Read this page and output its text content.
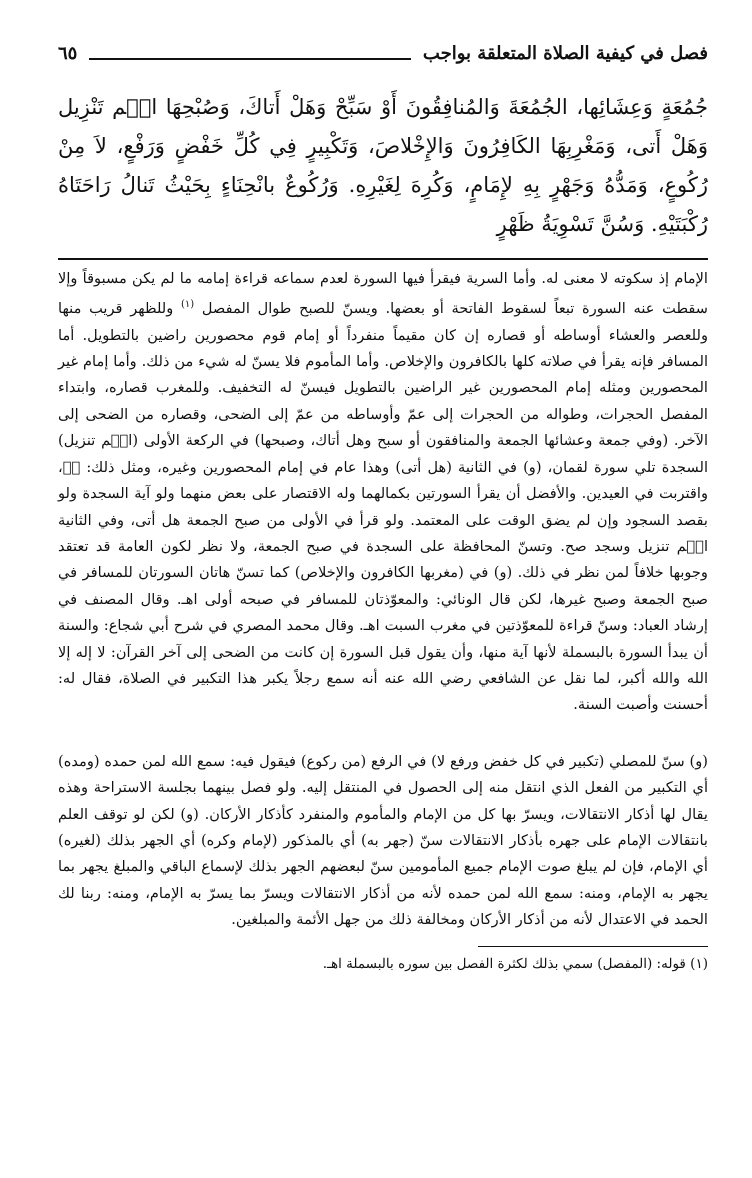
فصل في كيفية الصلاة المتعلقة بواجب
٦٥

جُمُعَةٍ وَعِشَائِها، الجُمُعَةَ وَالمُنافِقُونَ أَوْ سَبِّحْ وَهَلْ أَتاكَ، وَصُبْحِهَا الۤم تَنْزِيل وَهَلْ أَتى، وَمَغْرِبِهَا الكَافِرُونَ وَالإِخْلاصَ، وَتَكْبِيرٍ فِي كُلِّ خَفْضٍ وَرَفْعٍ، لاَ مِنْ رُكُوعٍ، وَمَدُّهُ وَجَهْرٍ بِهِ لإِمَامٍ، وَكُرِهَ لِغَيْرِهِ. وَرُكُوعٌ بانْحِنَاءٍ بِحَيْثُ تَنالُ رَاحَتَاهُ رُكْبَتَيْهِ. وَسُنَّ تَسْوِيَةُ ظَهْرٍ

الإمام إذ سكوته لا معنى له. وأما السرية فيقرأ فيها السورة لعدم سماعه قراءة إمامه ما لم يكن مسبوقاً وإلا سقطت عنه السورة تبعاً لسقوط الفاتحة أو بعضها. ويسنّ للصبح طوال المفصل $^{(١)}$ وللظهر قريب منها وللعصر والعشاء أوساطه أو قصاره إن كان مقيماً منفرداً أو إمام قوم محصورين راضين بالتطويل. أما المسافر فإنه يقرأ في صلاته كلها بالكافرون والإخلاص. وأما المأموم فلا يسنّ له شيء من ذلك. وأما إمام غير المحصورين ومثله إمام المحصورين غير الراضين بالتطويل فيسنّ له التخفيف. وللمغرب قصاره، وابتداء المفصل الحجرات، وطواله من الحجرات إلى عمّ وأوساطه من عمّ إلى الضحى، وقصاره من الضحى إلى الآخر. (وفي جمعة وعشائها الجمعة والمنافقون أو سبح وهل أتاك، وصبحها) في الركعة الأولى (الۤم تنزيل) السجدة تلي سورة لقمان، (و) في الثانية (هل أتى) وهذا عام في إمام المحصورين وغيره، ومثل ذلك: قۤ، واقتربت في العيدين. والأفضل أن يقرأ السورتين بكمالهما وله الاقتصار على بعض منهما ولو آية السجدة ولو بقصد السجود وإن لم يضق الوقت على المعتمد. ولو قرأ في الأولى من صبح الجمعة هل أتى، وفي الثانية الۤم تنزيل وسجد صح. وتسنّ المحافظة على السجدة في صبح الجمعة، ولا نظر لكون العامة قد تعتقد وجوبها خلافاً لمن نظر في ذلك. (و) في (مغربها الكافرون والإخلاص) كما تسنّ هاتان السورتان للمسافر في صبح الجمعة وصبح غيرها، لكن قال الونائي: والمعوّذتان للمسافر في صبحه أولى اهـ. وقال المصنف في إرشاد العباد: وسنّ قراءة للمعوّذتين في مغرب السبت اهـ. وقال محمد المصري في شرح أبي شجاع: والسنة أن يبدأ السورة بالبسملة لأنها آية منها، وأن يقول قبل السورة إن كانت من الضحى إلى آخر القرآن: لا إله إلا الله والله أكبر، لما نقل عن الشافعي رضي الله عنه أنه سمع رجلاً يكبر هذا التكبير في الصلاة، فقال له: أحسنت وأصبت السنة.

(و) سنّ للمصلي (تكبير في كل خفض ورفع لا) في الرفع (من ركوع) فيقول فيه: سمع الله لمن حمده (ومده) أي التكبير من الفعل الذي انتقل منه إلى الحصول في المنتقل إليه. ولو فصل بينهما بجلسة الاستراحة وهذه يقال لها أذكار الانتقالات، ويسرّ بها كل من الإمام والمأموم والمنفرد كأذكار الأركان. (و) لكن لو توقف العلم بانتقالات الإمام على جهره بأذكار الانتقالات سنّ (جهر به) أي بالمذكور (لإمام وكره) أي الجهر بذلك (لغيره) أي الإمام، فإن لم يبلغ صوت الإمام جميع المأمومين سنّ لبعضهم الجهر بذلك لإسماع الباقي والمبلغ يجهر بما يجهر به الإمام، ومنه: سمع الله لمن حمده لأنه من أذكار الانتقالات ويسرّ بما يسرّ به الإمام، ومنه: ربنا لك الحمد في الاعتدال لأنه من أذكار الأركان ومخالفة ذلك من جهل الأئمة والمبلغين.

(١) قوله: (المفصل) سمي بذلك لكثرة الفصل بين سوره بالبسملة اهـ.
